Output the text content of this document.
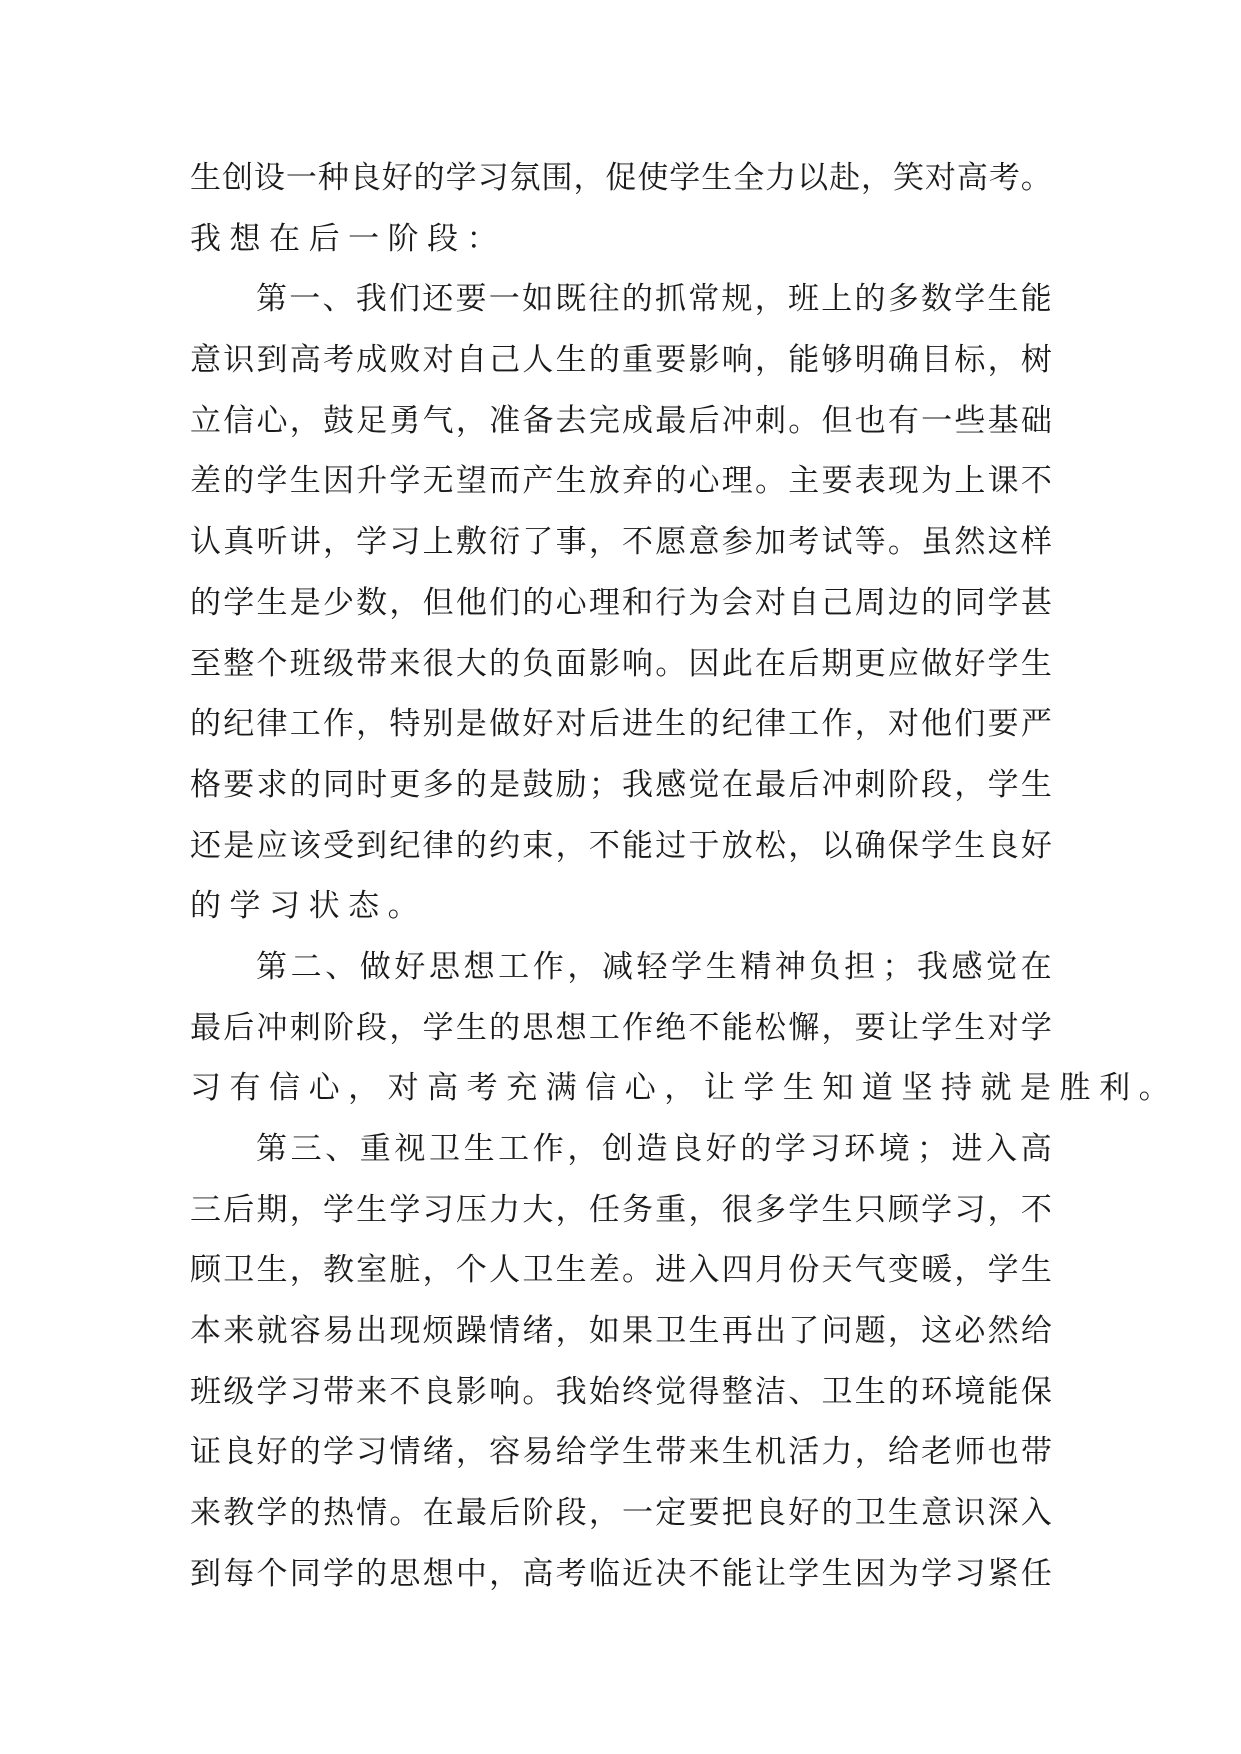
生 创 设 一 种 良 好 的 学 习 氛 围 ， 促 使 学 生 全 力 以 赴 ， 笑 对 高 考 。
我想在后一阶段：
第 一 、 我 们 还 要 一 如 既 往 的 抓 常 规 ， 班 上 的 多 数 学 生 能
意 识 到 高 考 成 败 对 自 己 人 生 的 重 要 影 响 ， 能 够 明 确 目 标 ， 树
立 信 心 ， 鼓 足 勇 气 ， 准 备 去 完 成 最 后 冲 刺 。 但 也 有 一 些 基 础
差 的 学 生 因 升 学 无 望 而 产 生 放 弃 的 心 理 。 主 要 表 现 为 上 课 不
认 真 听 讲 ， 学 习 上 敷 衍 了 事 ， 不 愿 意 参 加 考 试 等 。 虽 然 这 样
的 学 生 是 少 数 ， 但 他 们 的 心 理 和 行 为 会 对 自 己 周 边 的 同 学 甚
至 整 个 班 级 带 来 很 大 的 负 面 影 响 。 因 此 在 后 期 更 应 做 好 学 生
的 纪 律 工 作 ， 特 别 是 做 好 对 后 进 生 的 纪 律 工 作 ， 对 他 们 要 严
格 要 求 的 同 时 更 多 的 是 鼓 励 ； 我 感 觉 在 最 后 冲 刺 阶 段 ， 学 生
还 是 应 该 受 到 纪 律 的 约 束 ， 不 能 过 于 放 松 ， 以 确 保 学 生 良 好
的学习状态。
第 二 、 做 好 思 想 工 作 ， 减 轻 学 生 精 神 负 担 ； 我 感 觉 在
最 后 冲 刺 阶 段 ， 学 生 的 思 想 工 作 绝 不 能 松 懈 ， 要 让 学 生 对 学
习有信心，对高考充满信心，让学生知道坚持就是胜利。
第 三 、 重 视 卫 生 工 作 ， 创 造 良 好 的 学 习 环 境 ； 进 入 高
三 后 期 ， 学 生 学 习 压 力 大 ， 任 务 重 ， 很 多 学 生 只 顾 学 习 ， 不
顾 卫 生 ， 教 室 脏 ， 个 人 卫 生 差 。 进 入 四 月 份 天 气 变 暖 ， 学 生
本 来 就 容 易 出 现 烦 躁 情 绪 ， 如 果 卫 生 再 出 了 问 题 ， 这 必 然 给
班 级 学 习 带 来 不 良 影 响 。 我 始 终 觉 得 整 洁 、 卫 生 的 环 境 能 保
证 良 好 的 学 习 情 绪 ， 容 易 给 学 生 带 来 生 机 活 力 ， 给 老 师 也 带
来 教 学 的 热 情 。 在 最 后 阶 段 ， 一 定 要 把 良 好 的 卫 生 意 识 深 入
到 每 个 同 学 的 思 想 中 ， 高 考 临 近 决 不 能 让 学 生 因 为 学 习 紧 任
